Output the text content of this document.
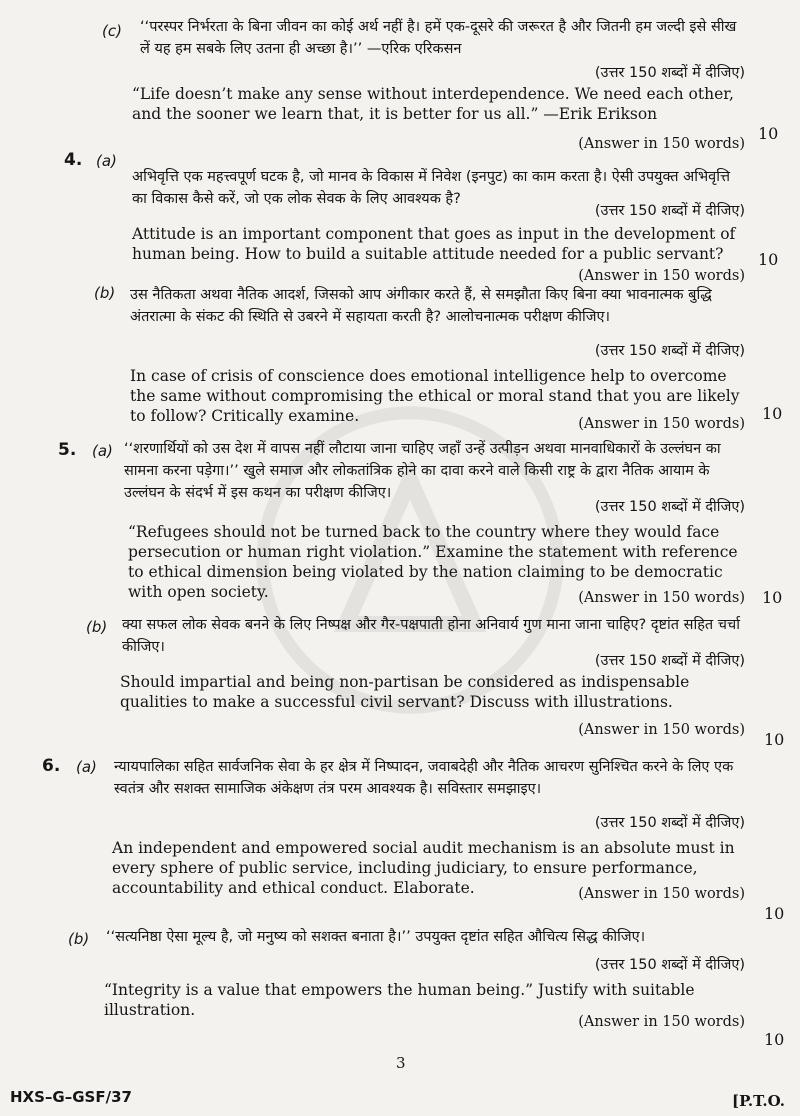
(c) ‘‘परस्पर निर्भरता के बिना जीवन का कोई अर्थ नहीं है। हमें एक-दूसरे की जरूरत है और जितनी हम जल्दी इसे सीख लें यह हम सबके लिए उतना ही अच्छा है।’’ —एरिक एरिकसन
(उत्तर 150 शब्दों में दीजिए)
“Life doesn’t make any sense without interdependence. We need each other, and the sooner we learn that, it is better for us all.” —Erik Erikson
(Answer in 150 words)
10
4. (a)
अभिवृत्ति एक महत्त्वपूर्ण घटक है, जो मानव के विकास में निवेश (इनपुट) का काम करता है। ऐसी उपयुक्त अभिवृत्ति का विकास कैसे करें, जो एक लोक सेवक के लिए आवश्यक है?
(उत्तर 150 शब्दों में दीजिए)
Attitude is an important component that goes as input in the development of human being. How to build a suitable attitude needed for a public servant?
(Answer in 150 words)
10
(b) उस नैतिकता अथवा नैतिक आदर्श, जिसको आप अंगीकार करते हैं, से समझौता किए बिना क्या भावनात्मक बुद्धि अंतरात्मा के संकट की स्थिति से उबरने में सहायता करती है? आलोचनात्मक परीक्षण कीजिए।
(उत्तर 150 शब्दों में दीजिए)
In case of crisis of conscience does emotional intelligence help to overcome the same without compromising the ethical or moral stand that you are likely to follow? Critically examine.	(Answer in 150 words)
10
5. (a) ‘‘शरणार्थियों को उस देश में वापस नहीं लौटाया जाना चाहिए जहाँ उन्हें उत्पीड़न अथवा मानवाधिकारों के उल्लंघन का सामना करना पड़ेगा।’’ खुले समाज और लोकतांत्रिक होने का दावा करने वाले किसी राष्ट्र के द्वारा नैतिक आयाम के उल्लंघन के संदर्भ में इस कथन का परीक्षण कीजिए।
(उत्तर 150 शब्दों में दीजिए)
“Refugees should not be turned back to the country where they would face persecution or human right violation.” Examine the statement with reference to ethical dimension being violated by the nation claiming to be democratic with open society.	(Answer in 150 words) 10
(b) क्या सफल लोक सेवक बनने के लिए निष्पक्ष और गैर-पक्षपाती होना अनिवार्य गुण माना जाना चाहिए? दृष्टांत सहित चर्चा कीजिए।
(उत्तर 150 शब्दों में दीजिए)
Should impartial and being non-partisan be considered as indispensable qualities to make a successful civil servant? Discuss with illustrations.
(Answer in 150 words) 10
6. (a) न्यायपालिका सहित सार्वजनिक सेवा के हर क्षेत्र में निष्पादन, जवाबदेही और नैतिक आचरण सुनिश्चित करने के लिए एक स्वतंत्र और सशक्त सामाजिक अंकेक्षण तंत्र परम आवश्यक है। सविस्तार समझाइए।
(उत्तर 150 शब्दों में दीजिए)
An independent and empowered social audit mechanism is an absolute must in every sphere of public service, including judiciary, to ensure performance, accountability and ethical conduct. Elaborate.	(Answer in 150 words)
10
(b) ‘‘सत्यनिष्ठा ऐसा मूल्य है, जो मनुष्य को सशक्त बनाता है।’’ उपयुक्त दृष्टांत सहित औचित्य सिद्ध कीजिए।
(उत्तर 150 शब्दों में दीजिए)
“Integrity is a value that empowers the human being.” Justify with suitable illustration.
(Answer in 150 words)
10
3
HXS–G–GSF/37	[P.T.O.
